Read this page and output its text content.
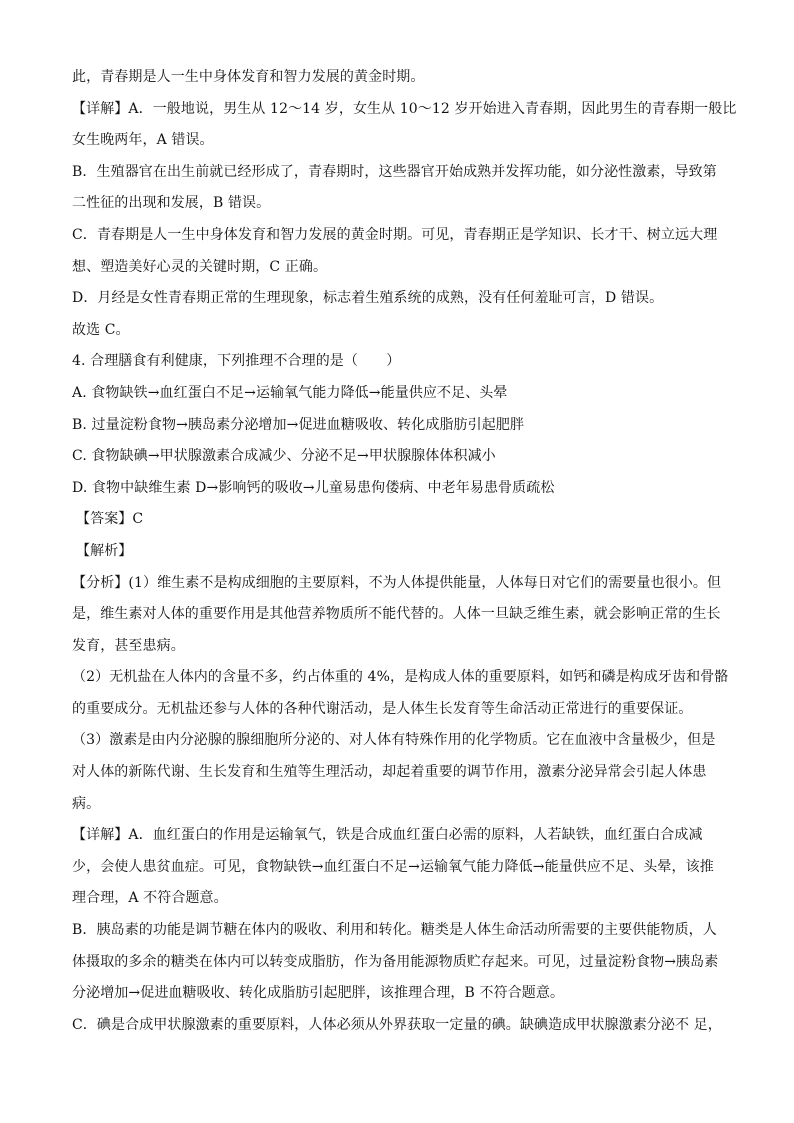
此，青春期是人一生中身体发育和智力发展的黄金时期。
【详解】A．一般地说，男生从 12～14 岁，女生从 10～12 岁开始进入青春期，因此男生的青春期一般比
女生晚两年，A 错误。
B．生殖器官在出生前就已经形成了，青春期时，这些器官开始成熟并发挥功能，如分泌性激素，导致第
二性征的出现和发展，B 错误。
C．青春期是人一生中身体发育和智力发展的黄金时期。可见，青春期正是学知识、长才干、树立远大理
想、塑造美好心灵的关键时期，C 正确。
D．月经是女性青春期正常的生理现象，标志着生殖系统的成熟，没有任何羞耻可言，D 错误。
故选 C。
4. 合理膳食有利健康，下列推理不合理的是（　　）
A. 食物缺铁→血红蛋白不足→运输氧气能力降低→能量供应不足、头晕
B. 过量淀粉食物→胰岛素分泌增加→促进血糖吸收、转化成脂肪引起肥胖
C. 食物缺碘→甲状腺激素合成减少、分泌不足→甲状腺腺体体积减小
D. 食物中缺维生素 D→影响钙的吸收→儿童易患佝偻病、中老年易患骨质疏松
【答案】C
【解析】
【分析】(1）维生素不是构成细胞的主要原料，不为人体提供能量，人体每日对它们的需要量也很小。但
是，维生素对人体的重要作用是其他营养物质所不能代替的。人体一旦缺乏维生素，就会影响正常的生长
发育，甚至患病。
（2）无机盐在人体内的含量不多，约占体重的 4%，是构成人体的重要原料，如钙和磷是构成牙齿和骨骼
的重要成分。无机盐还参与人体的各种代谢活动，是人体生长发育等生命活动正常进行的重要保证。
（3）激素是由内分泌腺的腺细胞所分泌的、对人体有特殊作用的化学物质。它在血液中含量极少，但是
对人体的新陈代谢、生长发育和生殖等生理活动，却起着重要的调节作用，激素分泌异常会引起人体患
病。
【详解】A．血红蛋白的作用是运输氧气，铁是合成血红蛋白必需的原料，人若缺铁，血红蛋白合成减
少，会使人患贫血症。可见，食物缺铁→血红蛋白不足→运输氧气能力降低→能量供应不足、头晕，该推
理合理，A 不符合题意。
B．胰岛素的功能是调节糖在体内的吸收、利用和转化。糖类是人体生命活动所需要的主要供能物质，人
体摄取的多余的糖类在体内可以转变成脂肪，作为备用能源物质贮存起来。可见，过量淀粉食物→胰岛素
分泌增加→促进血糖吸收、转化成脂肪引起肥胖，该推理合理，B 不符合题意。
C．碘是合成甲状腺激素的重要原料，人体必须从外界获取一定量的碘。缺碘造成甲状腺激素分泌不 足，
